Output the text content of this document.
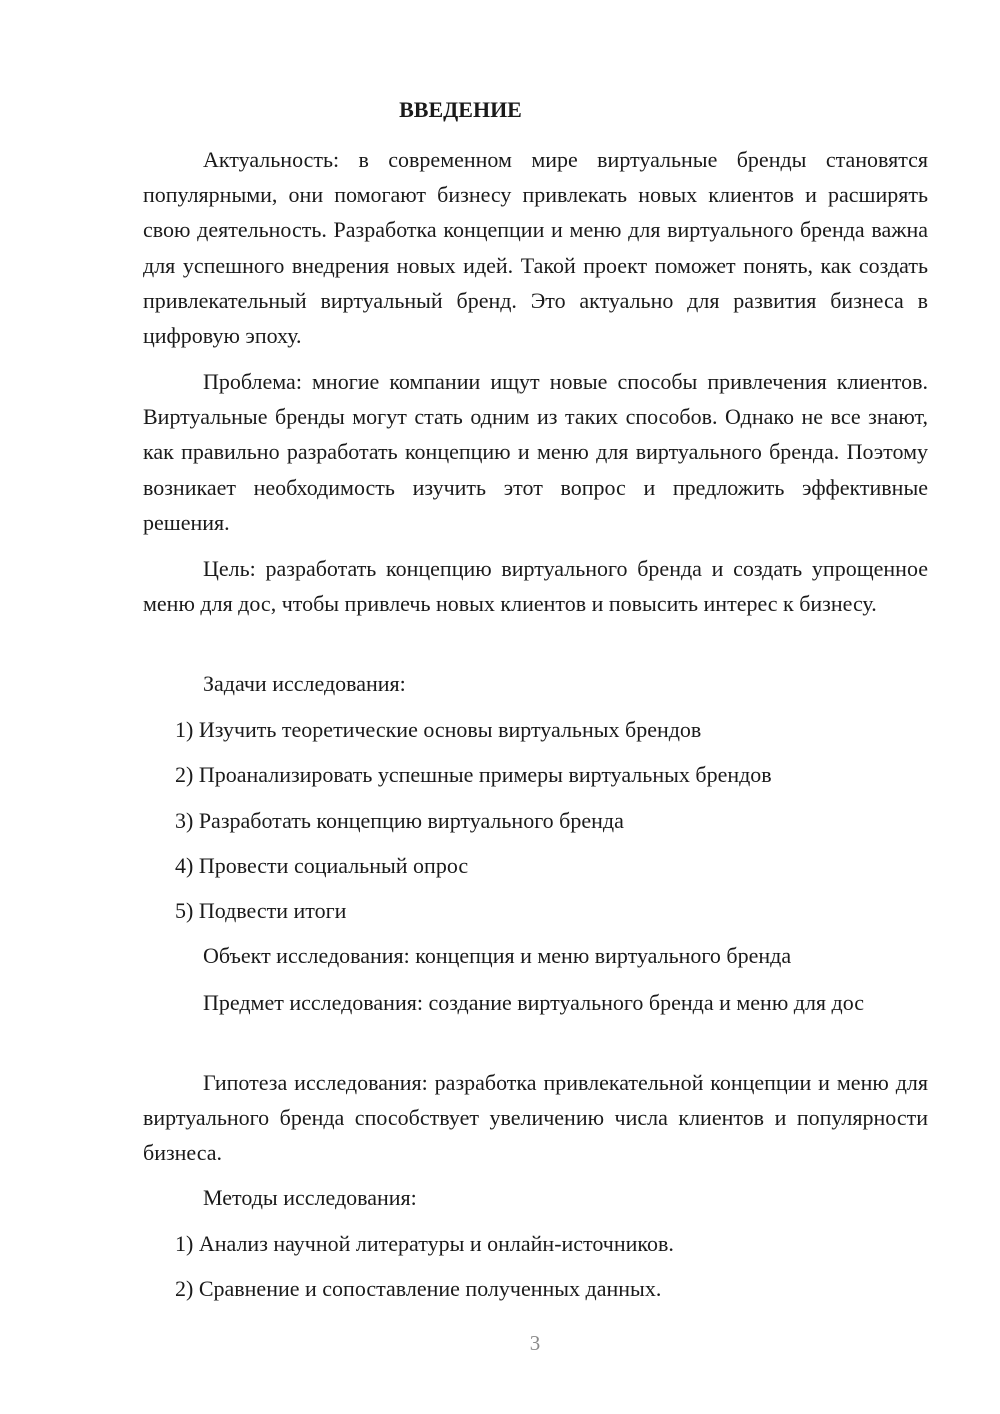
ВВЕДЕНИЕ
Актуальность: в современном мире виртуальные бренды становятся популярными, они помогают бизнесу привлекать новых клиентов и расширять свою деятельность. Разработка концепции и меню для виртуального бренда важна для успешного внедрения новых идей. Такой проект поможет понять, как создать привлекательный виртуальный бренд. Это актуально для развития бизнеса в цифровую эпоху.
Проблема: многие компании ищут новые способы привлечения клиентов. Виртуальные бренды могут стать одним из таких способов. Однако не все знают, как правильно разработать концепцию и меню для виртуального бренда. Поэтому возникает необходимость изучить этот вопрос и предложить эффективные решения.
Цель: разработать концепцию виртуального бренда и создать упрощенное меню для дос, чтобы привлечь новых клиентов и повысить интерес к бизнесу.
Задачи исследования:
1) Изучить теоретические основы виртуальных брендов
2) Проанализировать успешные примеры виртуальных брендов
3) Разработать концепцию виртуального бренда
4) Провести социальный опрос
5) Подвести итоги
Объект исследования: концепция и меню виртуального бренда
Предмет исследования: создание виртуального бренда и меню для дос
Гипотеза исследования: разработка привлекательной концепции и меню для виртуального бренда способствует увеличению числа клиентов и популярности бизнеса.
Методы исследования:
1) Анализ научной литературы и онлайн-источников.
2) Сравнение и сопоставление полученных данных.
3
